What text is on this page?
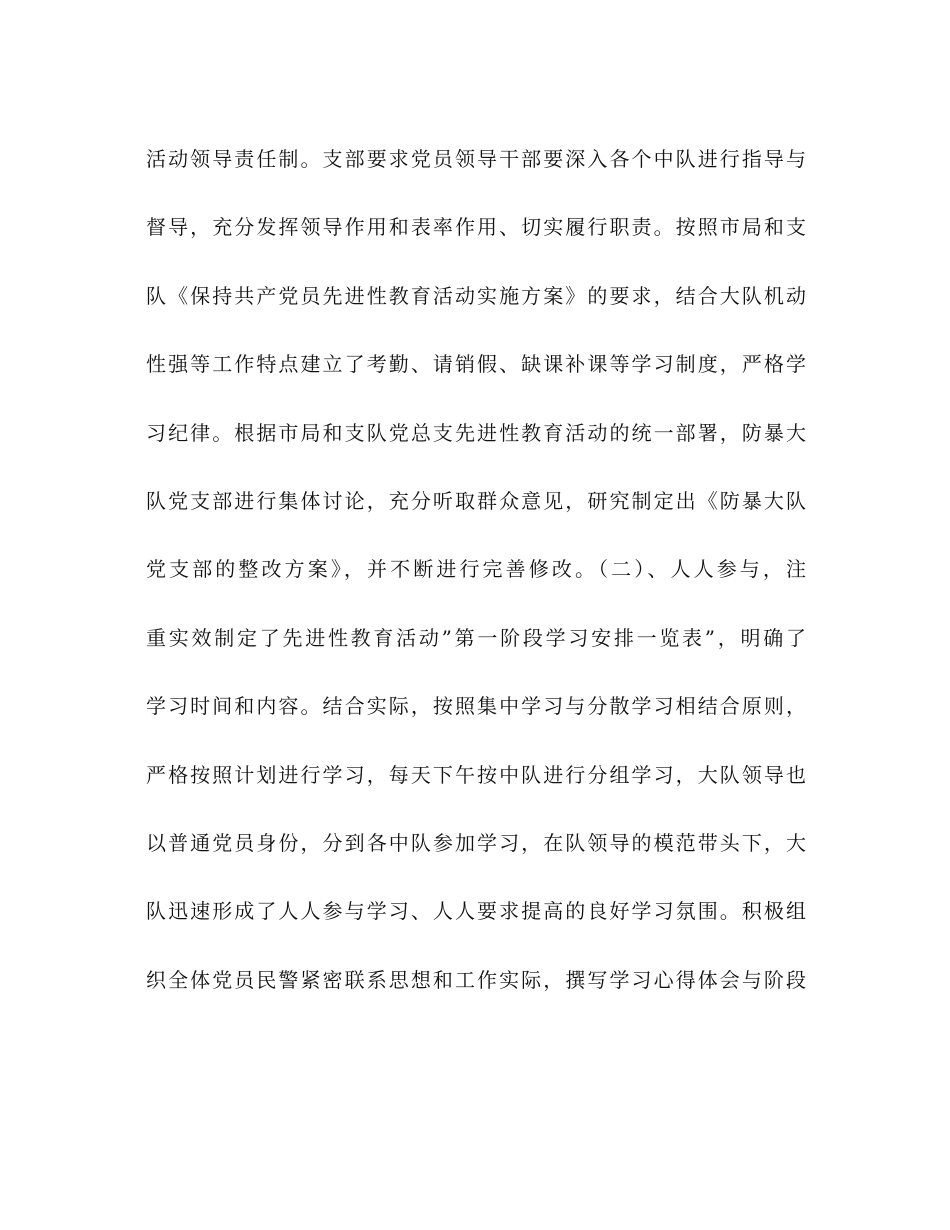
活动领导责任制。支部要求党员领导干部要深入各个中队进行指导与
督导，充分发挥领导作用和表率作用、切实履行职责。按照市局和支
队《保持共产党员先进性教育活动实施方案》的要求，结合大队机动
性强等工作特点建立了考勤、请销假、缺课补课等学习制度，严格学
习纪律。根据市局和支队党总支先进性教育活动的统一部署，防暴大
队党支部进行集体讨论，充分听取群众意见，研究制定出《防暴大队
党支部的整改方案》，并不断进行完善修改。（二）、人人参与，注
重实效制定了先进性教育活动”第一阶段学习安排一览表”，明确了
学习时间和内容。结合实际，按照集中学习与分散学习相结合原则，
严格按照计划进行学习，每天下午按中队进行分组学习，大队领导也
以普通党员身份，分到各中队参加学习，在队领导的模范带头下，大
队迅速形成了人人参与学习、人人要求提高的良好学习氛围。积极组
织全体党员民警紧密联系思想和工作实际，撰写学习心得体会与阶段
